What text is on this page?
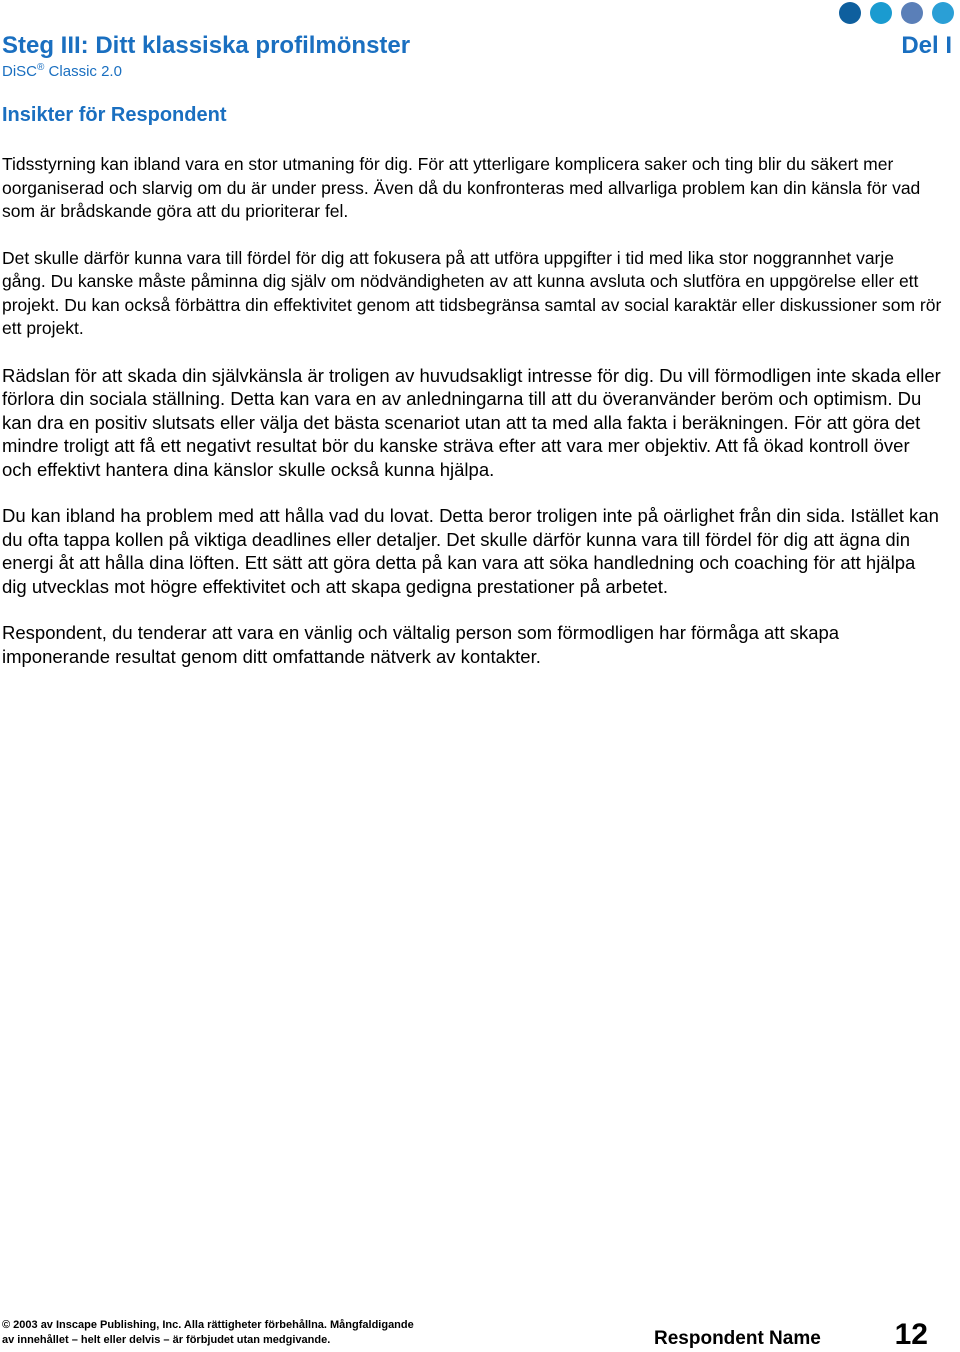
Steg III: Ditt klassiska profilmönster	Del I
DiSC® Classic 2.0
Insikter för Respondent

Tidsstyrning kan ibland vara en stor utmaning för dig. För att ytterligare komplicera saker och ting blir du säkert mer oorganiserad och slarvig om du är under press. Även då du konfronteras med allvarliga problem kan din känsla för vad som är brådskande göra att du prioriterar fel.

Det skulle därför kunna vara till fördel för dig att fokusera på att utföra uppgifter i tid med lika stor noggrannhet varje gång. Du kanske måste påminna dig själv om nödvändigheten av att kunna avsluta och slutföra en uppgörelse eller ett projekt. Du kan också förbättra din effektivitet genom att tidsbegränsa samtal av social karaktär eller diskussioner som rör ett projekt.

Rädslan för att skada din självkänsla är troligen av huvudsakligt intresse för dig. Du vill förmodligen inte skada eller förlora din sociala ställning. Detta kan vara en av anledningarna till att du överanvänder beröm och optimism. Du kan dra en positiv slutsats eller välja det bästa scenariot utan att ta med alla fakta i beräkningen. För att göra det mindre troligt att få ett negativt resultat bör du kanske sträva efter att vara mer objektiv. Att få ökad kontroll över och effektivt hantera dina känslor skulle också kunna hjälpa.

Du kan ibland ha problem med att hålla vad du lovat. Detta beror troligen inte på oärlighet från din sida. Istället kan du ofta tappa kollen på viktiga deadlines eller detaljer. Det skulle därför kunna vara till fördel för dig att ägna din energi åt att hålla dina löften. Ett sätt att göra detta på kan vara att söka handledning och coaching för att hjälpa dig utvecklas mot högre effektivitet och att skapa gedigna prestationer på arbetet.

Respondent, du tenderar att vara en vänlig och vältalig person som förmodligen har förmåga att skapa imponerande resultat genom ditt omfattande nätverk av kontakter.

© 2003 av Inscape Publishing, Inc. Alla rättigheter förbehållna. Mångfaldigande
av innehållet – helt eller delvis – är förbjudet utan medgivande.	Respondent Name 12
